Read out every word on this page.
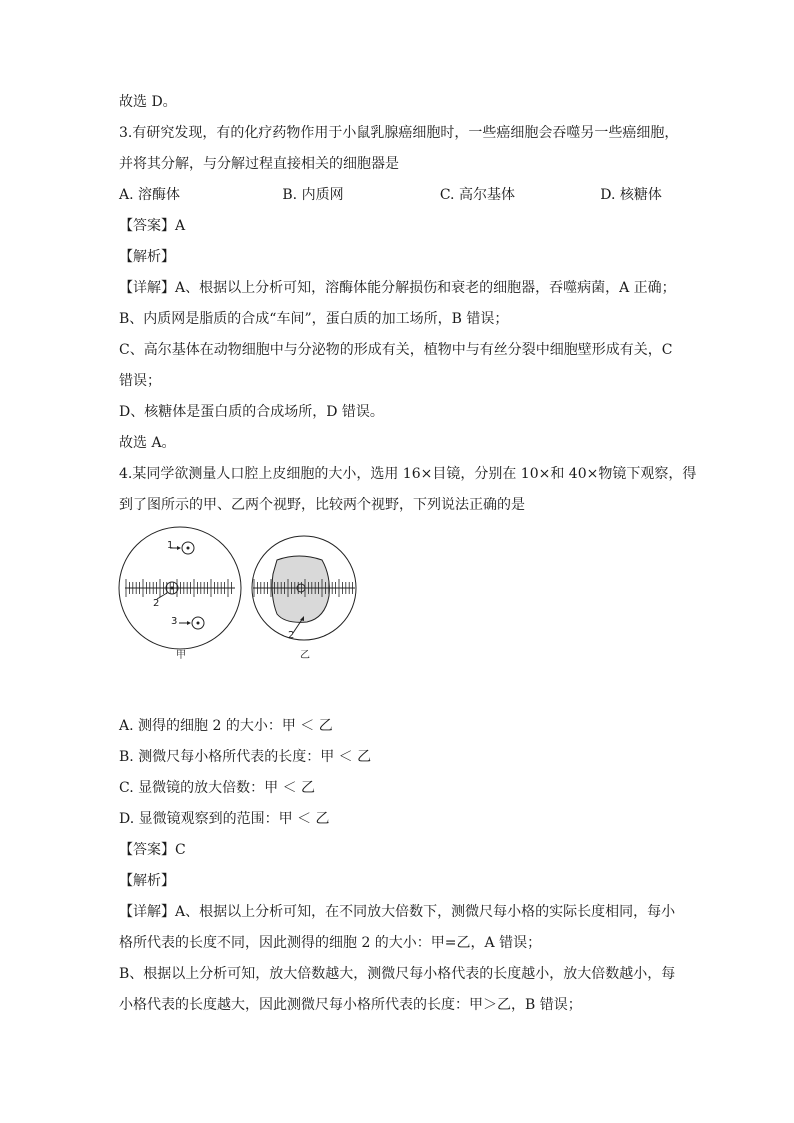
故选 D。
3.有研究发现，有的化疗药物作用于小鼠乳腺癌细胞时，一些癌细胞会吞噬另一些癌细胞，
并将其分解，与分解过程直接相关的细胞器是
A. 溶酶体	B. 内质网	C. 高尔基体	D. 核糖体
【答案】A
【解析】
【详解】A、根据以上分析可知，溶酶体能分解损伤和衰老的细胞器，吞噬病菌，A 正确；
B、内质网是脂质的合成“车间”，蛋白质的加工场所，B 错误；
C、高尔基体在动物细胞中与分泌物的形成有关，植物中与有丝分裂中细胞壁形成有关，C
错误；
D、核糖体是蛋白质的合成场所，D 错误。
故选 A。
4.某同学欲测量人口腔上皮细胞的大小，选用 16×目镜，分别在 10×和 40×物镜下观察，得
到了图所示的甲、乙两个视野，比较两个视野，下列说法正确的是
1
2
3
2
甲	乙
A. 测得的细胞 2 的大小：甲 ＜ 乙
B. 测微尺每小格所代表的长度：甲 ＜ 乙
C. 显微镜的放大倍数：甲 ＜ 乙
D. 显微镜观察到的范围：甲 ＜ 乙
【答案】C
【解析】
【详解】A、根据以上分析可知，在不同放大倍数下，测微尺每小格的实际长度相同，每小
格所代表的长度不同，因此测得的细胞 2 的大小：甲=乙，A 错误；
B、根据以上分析可知，放大倍数越大，测微尺每小格代表的长度越小，放大倍数越小，每
小格代表的长度越大，因此测微尺每小格所代表的长度：甲＞乙，B 错误；
